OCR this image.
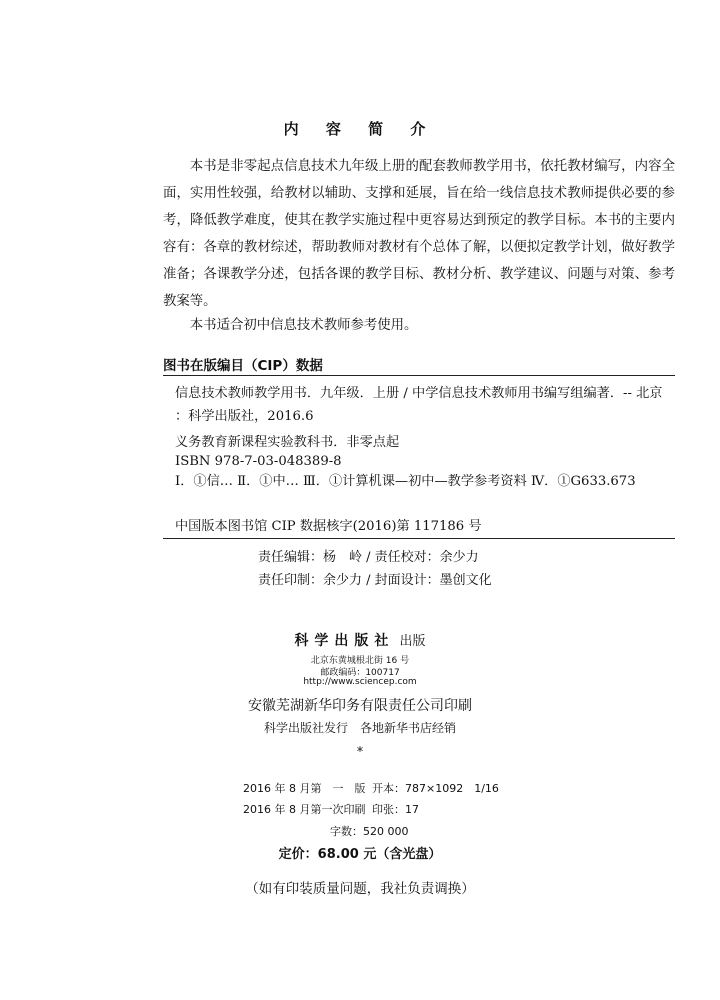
内 容 简 介

本书是非零起点信息技术九年级上册的配套教师教学用书，依托教材编写，内容全面，实用性较强，给教材以辅助、支撑和延展，旨在给一线信息技术教师提供必要的参考，降低教学难度，使其在教学实施过程中更容易达到预定的教学目标。本书的主要内容有：各章的教材综述，帮助教师对教材有个总体了解，以便拟定教学计划，做好教学准备；各课教学分述，包括各课的教学目标、教材分析、教学建议、问题与对策、参考教案等。

本书适合初中信息技术教师参考使用。

图书在版编目（CIP）数据

信息技术教师教学用书．九年级．上册 / 中学信息技术教师用书编写组编著．-- 北京 ：科学出版社，2016.6

义务教育新课程实验教科书．非零点起
ISBN 978-7-03-048389-8

Ⅰ．①信… Ⅱ．①中… Ⅲ．①计算机课—初中—教学参考资料 Ⅳ．①G633.673

中国版本图书馆 CIP 数据核字(2016)第 117186 号
责任编辑：杨　岭 / 责任校对：余少力
责任印制：余少力 / 封面设计：墨创文化
科学出版社 出版
北京东黄城根北街 16 号
邮政编码：100717
http://www.sciencep.com
安徽芜湖新华印务有限责任公司印刷
科学出版社发行　各地新华书店经销
*
2016 年 8 月第　一　版 开本：787×1092　1/16
2016 年 8 月第一次印刷 印张：17
字数：520 000
定价：68.00 元（含光盘）
（如有印装质量问题，我社负责调换）
